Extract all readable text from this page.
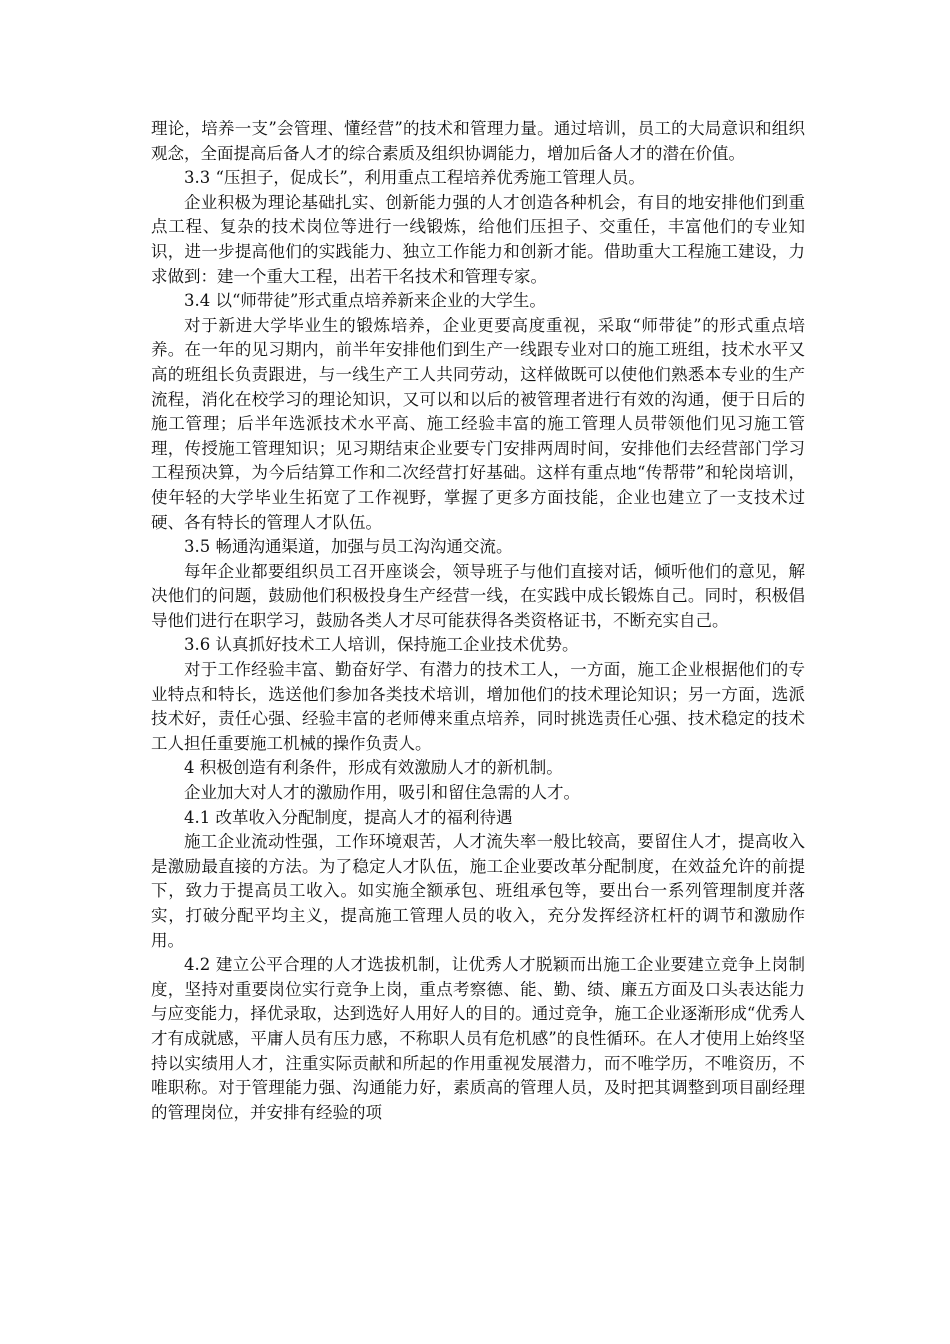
理论，培养一支”会管理、懂经营”的技术和管理力量。通过培训，员工的大局意识和组织观念，全面提高后备人才的综合素质及组织协调能力，增加后备人才的潜在价值。

3.3 “压担子，促成长”，利用重点工程培养优秀施工管理人员。

企业积极为理论基础扎实、创新能力强的人才创造各种机会，有目的地安排他们到重点工程、复杂的技术岗位等进行一线锻炼，给他们压担子、交重任，丰富他们的专业知识，进一步提高他们的实践能力、独立工作能力和创新才能。借助重大工程施工建设，力求做到：建一个重大工程，出若干名技术和管理专家。

3.4 以“师带徒”形式重点培养新来企业的大学生。

对于新进大学毕业生的锻炼培养，企业更要高度重视，采取“师带徒”的形式重点培养。在一年的见习期内，前半年安排他们到生产一线跟专业对口的施工班组，技术水平又高的班组长负责跟进，与一线生产工人共同劳动，这样做既可以使他们熟悉本专业的生产流程，消化在校学习的理论知识，又可以和以后的被管理者进行有效的沟通，便于日后的施工管理；后半年选派技术水平高、施工经验丰富的施工管理人员带领他们见习施工管理，传授施工管理知识；见习期结束企业要专门安排两周时间，安排他们去经营部门学习工程预决算，为今后结算工作和二次经营打好基础。这样有重点地“传帮带”和轮岗培训，使年轻的大学毕业生拓宽了工作视野，掌握了更多方面技能，企业也建立了一支技术过硬、各有特长的管理人才队伍。

3.5 畅通沟通渠道，加强与员工沟沟通交流。

每年企业都要组织员工召开座谈会，领导班子与他们直接对话，倾听他们的意见，解决他们的问题，鼓励他们积极投身生产经营一线，在实践中成长锻炼自己。同时，积极倡导他们进行在职学习，鼓励各类人才尽可能获得各类资格证书，不断充实自己。

3.6 认真抓好技术工人培训，保持施工企业技术优势。

对于工作经验丰富、勤奋好学、有潜力的技术工人，一方面，施工企业根据他们的专业特点和特长，选送他们参加各类技术培训，增加他们的技术理论知识；另一方面，选派技术好，责任心强、经验丰富的老师傅来重点培养，同时挑选责任心强、技术稳定的技术工人担任重要施工机械的操作负责人。

4 积极创造有利条件，形成有效激励人才的新机制。

企业加大对人才的激励作用，吸引和留住急需的人才。

4.1 改革收入分配制度，提高人才的福利待遇

施工企业流动性强，工作环境艰苦，人才流失率一般比较高，要留住人才，提高收入是激励最直接的方法。为了稳定人才队伍，施工企业要改革分配制度，在效益允许的前提下，致力于提高员工收入。如实施全额承包、班组承包等，要出台一系列管理制度并落实，打破分配平均主义，提高施工管理人员的收入，充分发挥经济杠杆的调节和激励作用。

4.2 建立公平合理的人才选拔机制，让优秀人才脱颖而出施工企业要建立竞争上岗制度，坚持对重要岗位实行竞争上岗，重点考察德、能、勤、绩、廉五方面及口头表达能力与应变能力，择优录取，达到选好人用好人的目的。通过竞争，施工企业逐渐形成“优秀人才有成就感，平庸人员有压力感，不称职人员有危机感”的良性循环。在人才使用上始终坚持以实绩用人才，注重实际贡献和所起的作用重视发展潜力，而不唯学历，不唯资历，不唯职称。对于管理能力强、沟通能力好，素质高的管理人员，及时把其调整到项目副经理的管理岗位，并安排有经验的项
